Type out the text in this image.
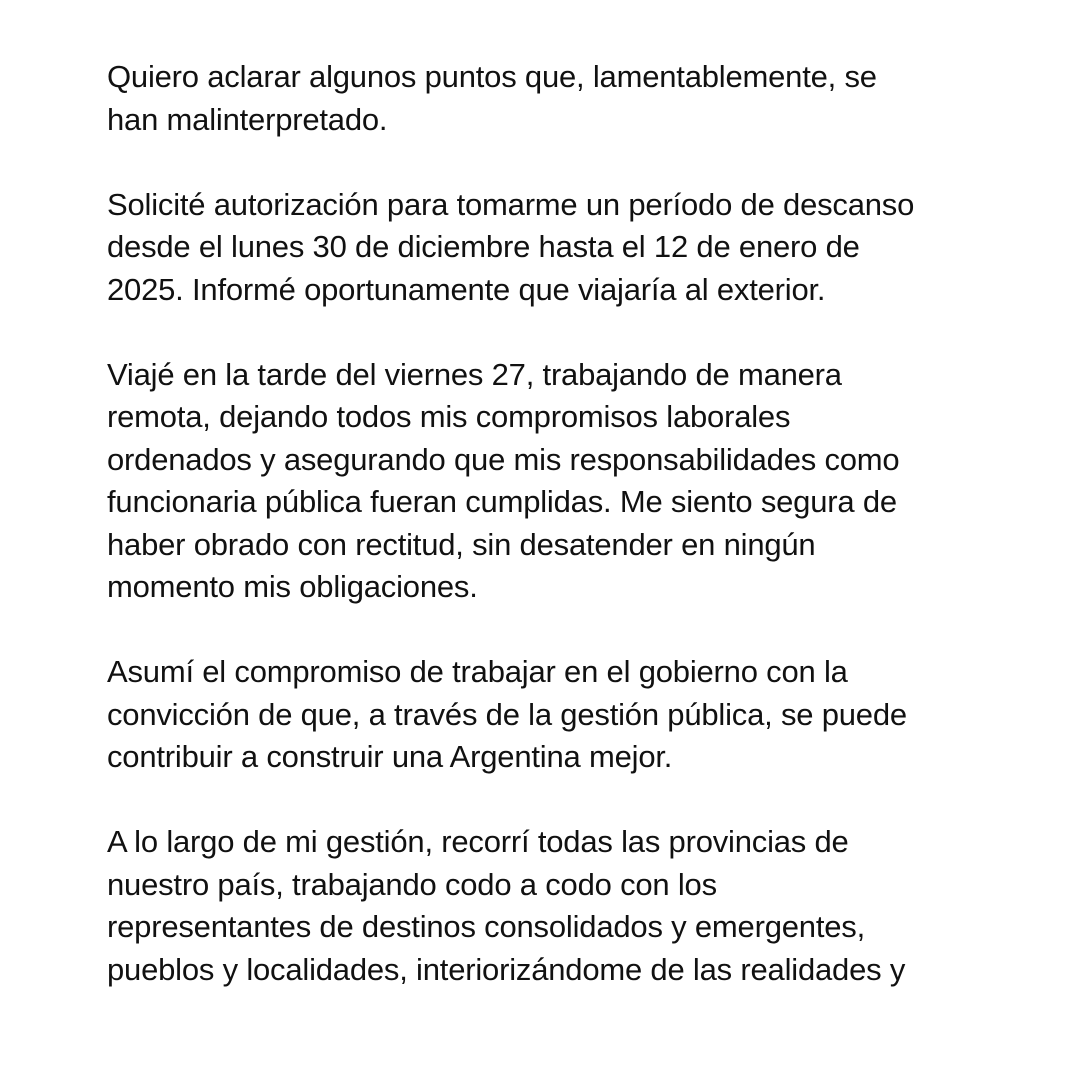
Quiero aclarar algunos puntos que, lamentablemente, se
han malinterpretado.

Solicité autorización para tomarme un período de descanso
desde el lunes 30 de diciembre hasta el 12 de enero de
2025. Informé oportunamente que viajaría al exterior.

Viajé en la tarde del viernes 27, trabajando de manera
remota, dejando todos mis compromisos laborales
ordenados y asegurando que mis responsabilidades como
funcionaria pública fueran cumplidas. Me siento segura de
haber obrado con rectitud, sin desatender en ningún
momento mis obligaciones.

Asumí el compromiso de trabajar en el gobierno con la
convicción de que, a través de la gestión pública, se puede
contribuir a construir una Argentina mejor.

A lo largo de mi gestión, recorrí todas las provincias de
nuestro país, trabajando codo a codo con los
representantes de destinos consolidados y emergentes,
pueblos y localidades, interiorizándome de las realidades y
